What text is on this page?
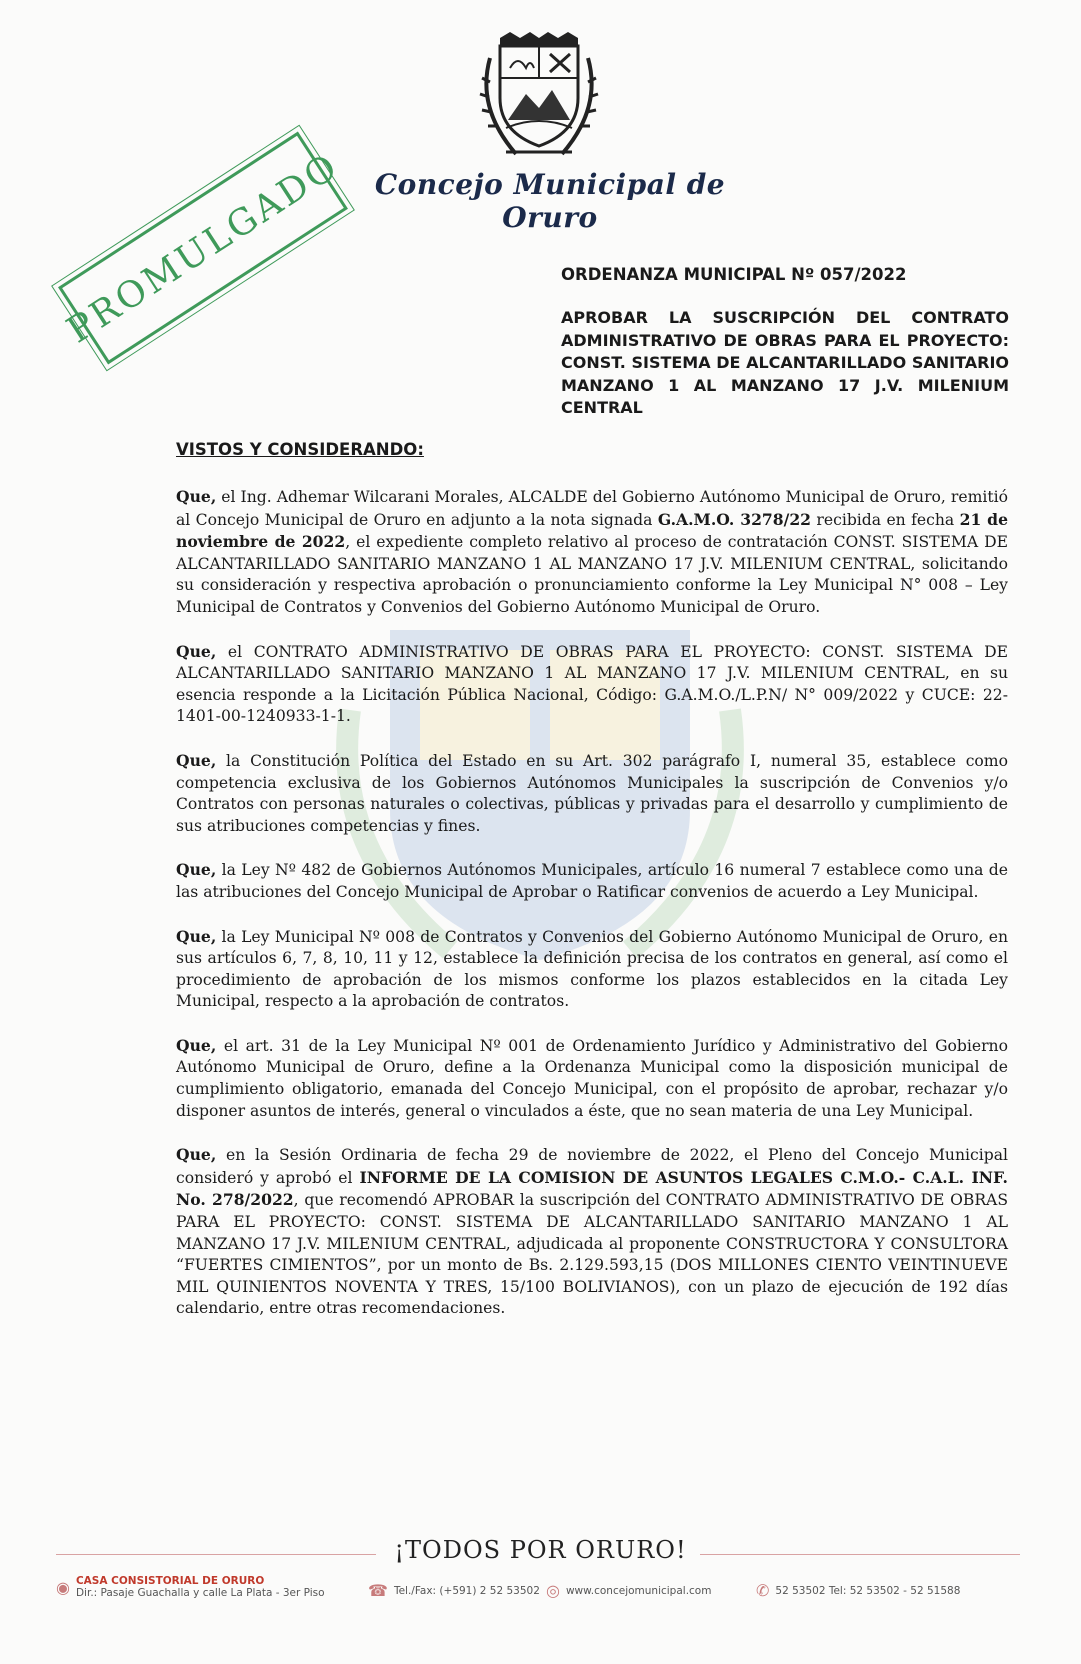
Concejo Municipal de Oruro
PROMULGADO	ORDENANZA MUNICIPAL Nº 057/2022
APROBAR LA SUSCRIPCIÓN DEL CONTRATO ADMINISTRATIVO DE OBRAS PARA EL PROYECTO: CONST. SISTEMA DE ALCANTARILLADO SANITARIO MANZANO 1 AL MANZANO 17 J.V. MILENIUM CENTRAL
VISTOS Y CONSIDERANDO:

Que, el Ing. Adhemar Wilcarani Morales, ALCALDE del Gobierno Autónomo Municipal de Oruro, remitió al Concejo Municipal de Oruro en adjunto a la nota signada G.A.M.O. 3278/22 recibida en fecha 21 de noviembre de 2022, el expediente completo relativo al proceso de contratación CONST. SISTEMA DE ALCANTARILLADO SANITARIO MANZANO 1 AL MANZANO 17 J.V. MILENIUM CENTRAL, solicitando su consideración y respectiva aprobación o pronunciamiento conforme la Ley Municipal N° 008 – Ley Municipal de Contratos y Convenios del Gobierno Autónomo Municipal de Oruro.

Que, el CONTRATO ADMINISTRATIVO DE OBRAS PARA EL PROYECTO: CONST. SISTEMA DE ALCANTARILLADO SANITARIO MANZANO 1 AL MANZANO 17 J.V. MILENIUM CENTRAL, en su esencia responde a la Licitación Pública Nacional, Código: G.A.M.O./L.P.N/ N° 009/2022 y CUCE: 22-1401-00-1240933-1-1.

Que, la Constitución Política del Estado en su Art. 302 parágrafo I, numeral 35, establece como competencia exclusiva de los Gobiernos Autónomos Municipales la suscripción de Convenios y/o Contratos con personas naturales o colectivas, públicas y privadas para el desarrollo y cumplimiento de sus atribuciones competencias y fines.

Que, la Ley Nº 482 de Gobiernos Autónomos Municipales, artículo 16 numeral 7 establece como una de las atribuciones del Concejo Municipal de Aprobar o Ratificar convenios de acuerdo a Ley Municipal.

Que, la Ley Municipal Nº 008 de Contratos y Convenios del Gobierno Autónomo Municipal de Oruro, en sus artículos 6, 7, 8, 10, 11 y 12, establece la definición precisa de los contratos en general, así como el procedimiento de aprobación de los mismos conforme los plazos establecidos en la citada Ley Municipal, respecto a la aprobación de contratos.

Que, el art. 31 de la Ley Municipal Nº 001 de Ordenamiento Jurídico y Administrativo del Gobierno Autónomo Municipal de Oruro, define a la Ordenanza Municipal como la disposición municipal de cumplimiento obligatorio, emanada del Concejo Municipal, con el propósito de aprobar, rechazar y/o disponer asuntos de interés, general o vinculados a éste, que no sean materia de una Ley Municipal.

Que, en la Sesión Ordinaria de fecha 29 de noviembre de 2022, el Pleno del Concejo Municipal consideró y aprobó el INFORME DE LA COMISION DE ASUNTOS LEGALES C.M.O.- C.A.L. INF. No. 278/2022, que recomendó APROBAR la suscripción del CONTRATO ADMINISTRATIVO DE OBRAS PARA EL PROYECTO: CONST. SISTEMA DE ALCANTARILLADO SANITARIO MANZANO 1 AL MANZANO 17 J.V. MILENIUM CENTRAL, adjudicada al proponente CONSTRUCTORA Y CONSULTORA “FUERTES CIMIENTOS”, por un monto de Bs. 2.129.593,15 (DOS MILLONES CIENTO VEINTINUEVE MIL QUINIENTOS NOVENTA Y TRES, 15/100 BOLIVIANOS), con un plazo de ejecución de 192 días calendario, entre otras recomendaciones.

¡TODOS POR ORURO!
◉ CASA CONSISTORIAL DE ORURO
Dir.: Pasaje Guachalla y calle La Plata - 3er Piso	☎ Tel./Fax: (+591) 2 52 53502 ◎ www.concejomunicipal.com	✆ 52 53502 Tel: 52 53502 - 52 51588
